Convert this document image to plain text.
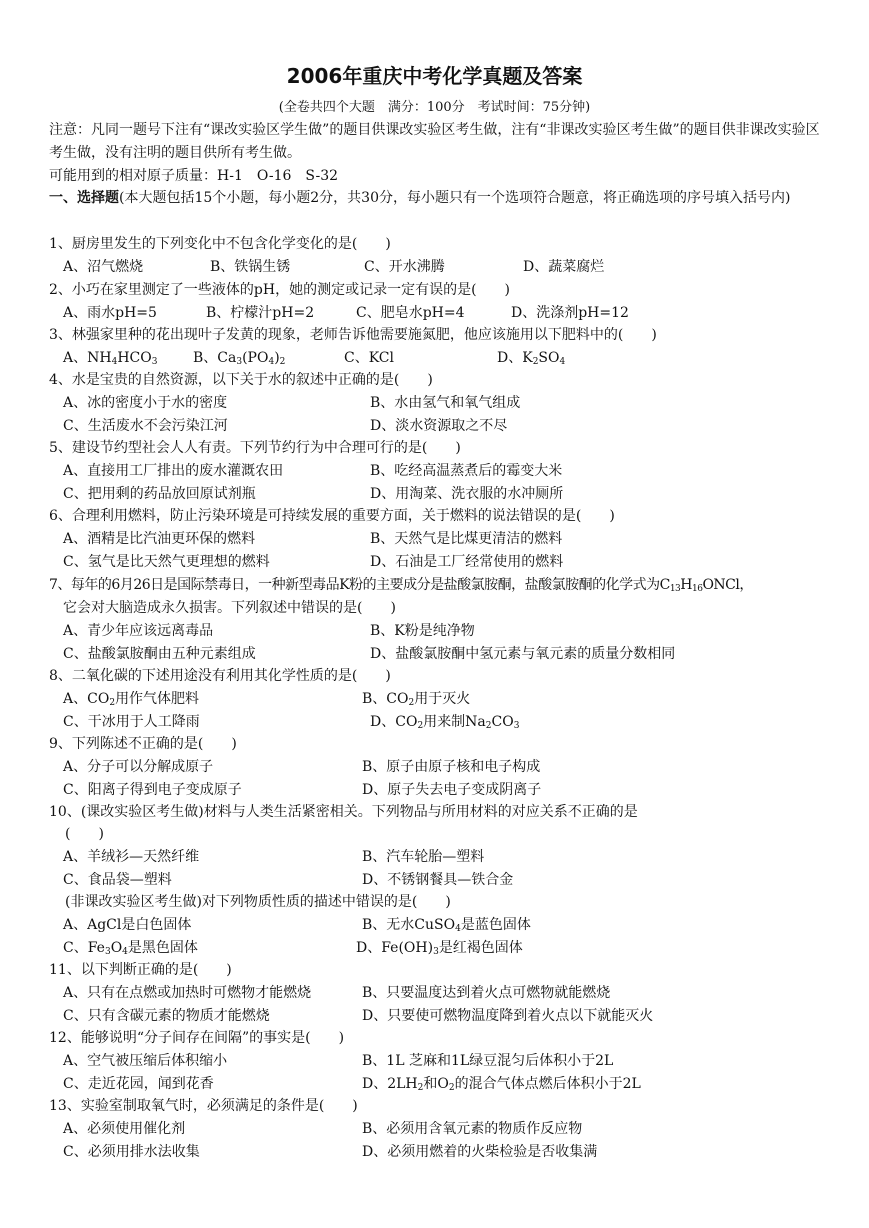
2006年重庆中考化学真题及答案
(全卷共四个大题　满分：100分　考试时间：75分钟)
注意：凡同一题号下注有“课改实验区学生做”的题目供课改实验区考生做，注有“非课改实验区考生做”的题目供非课改实验区考生做，没有注明的题目供所有考生做。
可能用到的相对原子质量：H-1　O-16　S-32
一、选择题(本大题包括15个小题，每小题2分，共30分，每小题只有一个选项符合题意，将正确选项的序号填入括号内)
1、厨房里发生的下列变化中不包含化学变化的是(　　)
A、沼气燃烧	B、铁锅生锈	C、开水沸腾	D、蔬菜腐烂
2、小巧在家里测定了一些液体的pH，她的测定或记录一定有误的是(　　)
A、雨水pH=5	B、柠檬汁pH=2	C、肥皂水pH=4	D、洗涤剂pH=12
3、林强家里种的花出现叶子发黄的现象，老师告诉他需要施氮肥，他应该施用以下肥料中的(　　)
A、$NH_4HCO_3$	B、$Ca_3(PO_4)_2$	C、KCl	D、$K_2SO_4$
4、水是宝贵的自然资源，以下关于水的叙述中正确的是(　　)
A、冰的密度小于水的密度	B、水由氢气和氧气组成
C、生活废水不会污染江河	D、淡水资源取之不尽
5、建设节约型社会人人有责。下列节约行为中合理可行的是(　　)
A、直接用工厂排出的废水灌溉农田	B、吃经高温蒸煮后的霉变大米
C、把用剩的药品放回原试剂瓶	D、用淘菜、洗衣服的水冲厕所
6、合理利用燃料，防止污染环境是可持续发展的重要方面，关于燃料的说法错误的是(　　)
A、酒精是比汽油更环保的燃料	B、天然气是比煤更清洁的燃料
C、氢气是比天然气更理想的燃料	D、石油是工厂经常使用的燃料
7、每年的6月26日是国际禁毒日，一种新型毒品K粉的主要成分是盐酸氯胺酮，盐酸氯胺酮的化学式为$C_{13}H_{16}ONCl$，
它会对大脑造成永久损害。下列叙述中错误的是(　　)
A、青少年应该远离毒品	B、K粉是纯净物
C、盐酸氯胺酮由五种元素组成	D、盐酸氯胺酮中氢元素与氧元素的质量分数相同
8、二氧化碳的下述用途没有利用其化学性质的是(　　)
A、$CO_2$用作气体肥料	B、$CO_2$用于灭火
C、干冰用于人工降雨	D、$CO_2$用来制$Na_2CO_3$
9、下列陈述不正确的是(　　)
A、分子可以分解成原子	B、原子由原子核和电子构成
C、阳离子得到电子变成原子	D、原子失去电子变成阴离子
10、(课改实验区考生做)材料与人类生活紧密相关。下列物品与所用材料的对应关系不正确的是
(　　)
A、羊绒衫—天然纤维	B、汽车轮胎—塑料
C、食品袋—塑料	D、不锈钢餐具—铁合金
(非课改实验区考生做)对下列物质性质的描述中错误的是(　　)
A、AgCl是白色固体	B、无水CuSO$_4$是蓝色固体
C、$Fe_3O_4$是黑色固体	D、$Fe(OH)_3$是红褐色固体
11、以下判断正确的是(　　)
A、只有在点燃或加热时可燃物才能燃烧	B、只要温度达到着火点可燃物就能燃烧
C、只有含碳元素的物质才能燃烧	D、只要使可燃物温度降到着火点以下就能灭火
12、能够说明“分子间存在间隔”的事实是(　　)
A、空气被压缩后体积缩小	B、1L 芝麻和1L绿豆混匀后体积小于2L
C、走近花园，闻到花香	D、$2LH_2$和$O_2$的混合气体点燃后体积小于2L
13、实验室制取氧气时，必须满足的条件是(　　)
A、必须使用催化剂	B、必须用含氧元素的物质作反应物
C、必须用排水法收集	D、必须用燃着的火柴检验是否收集满
